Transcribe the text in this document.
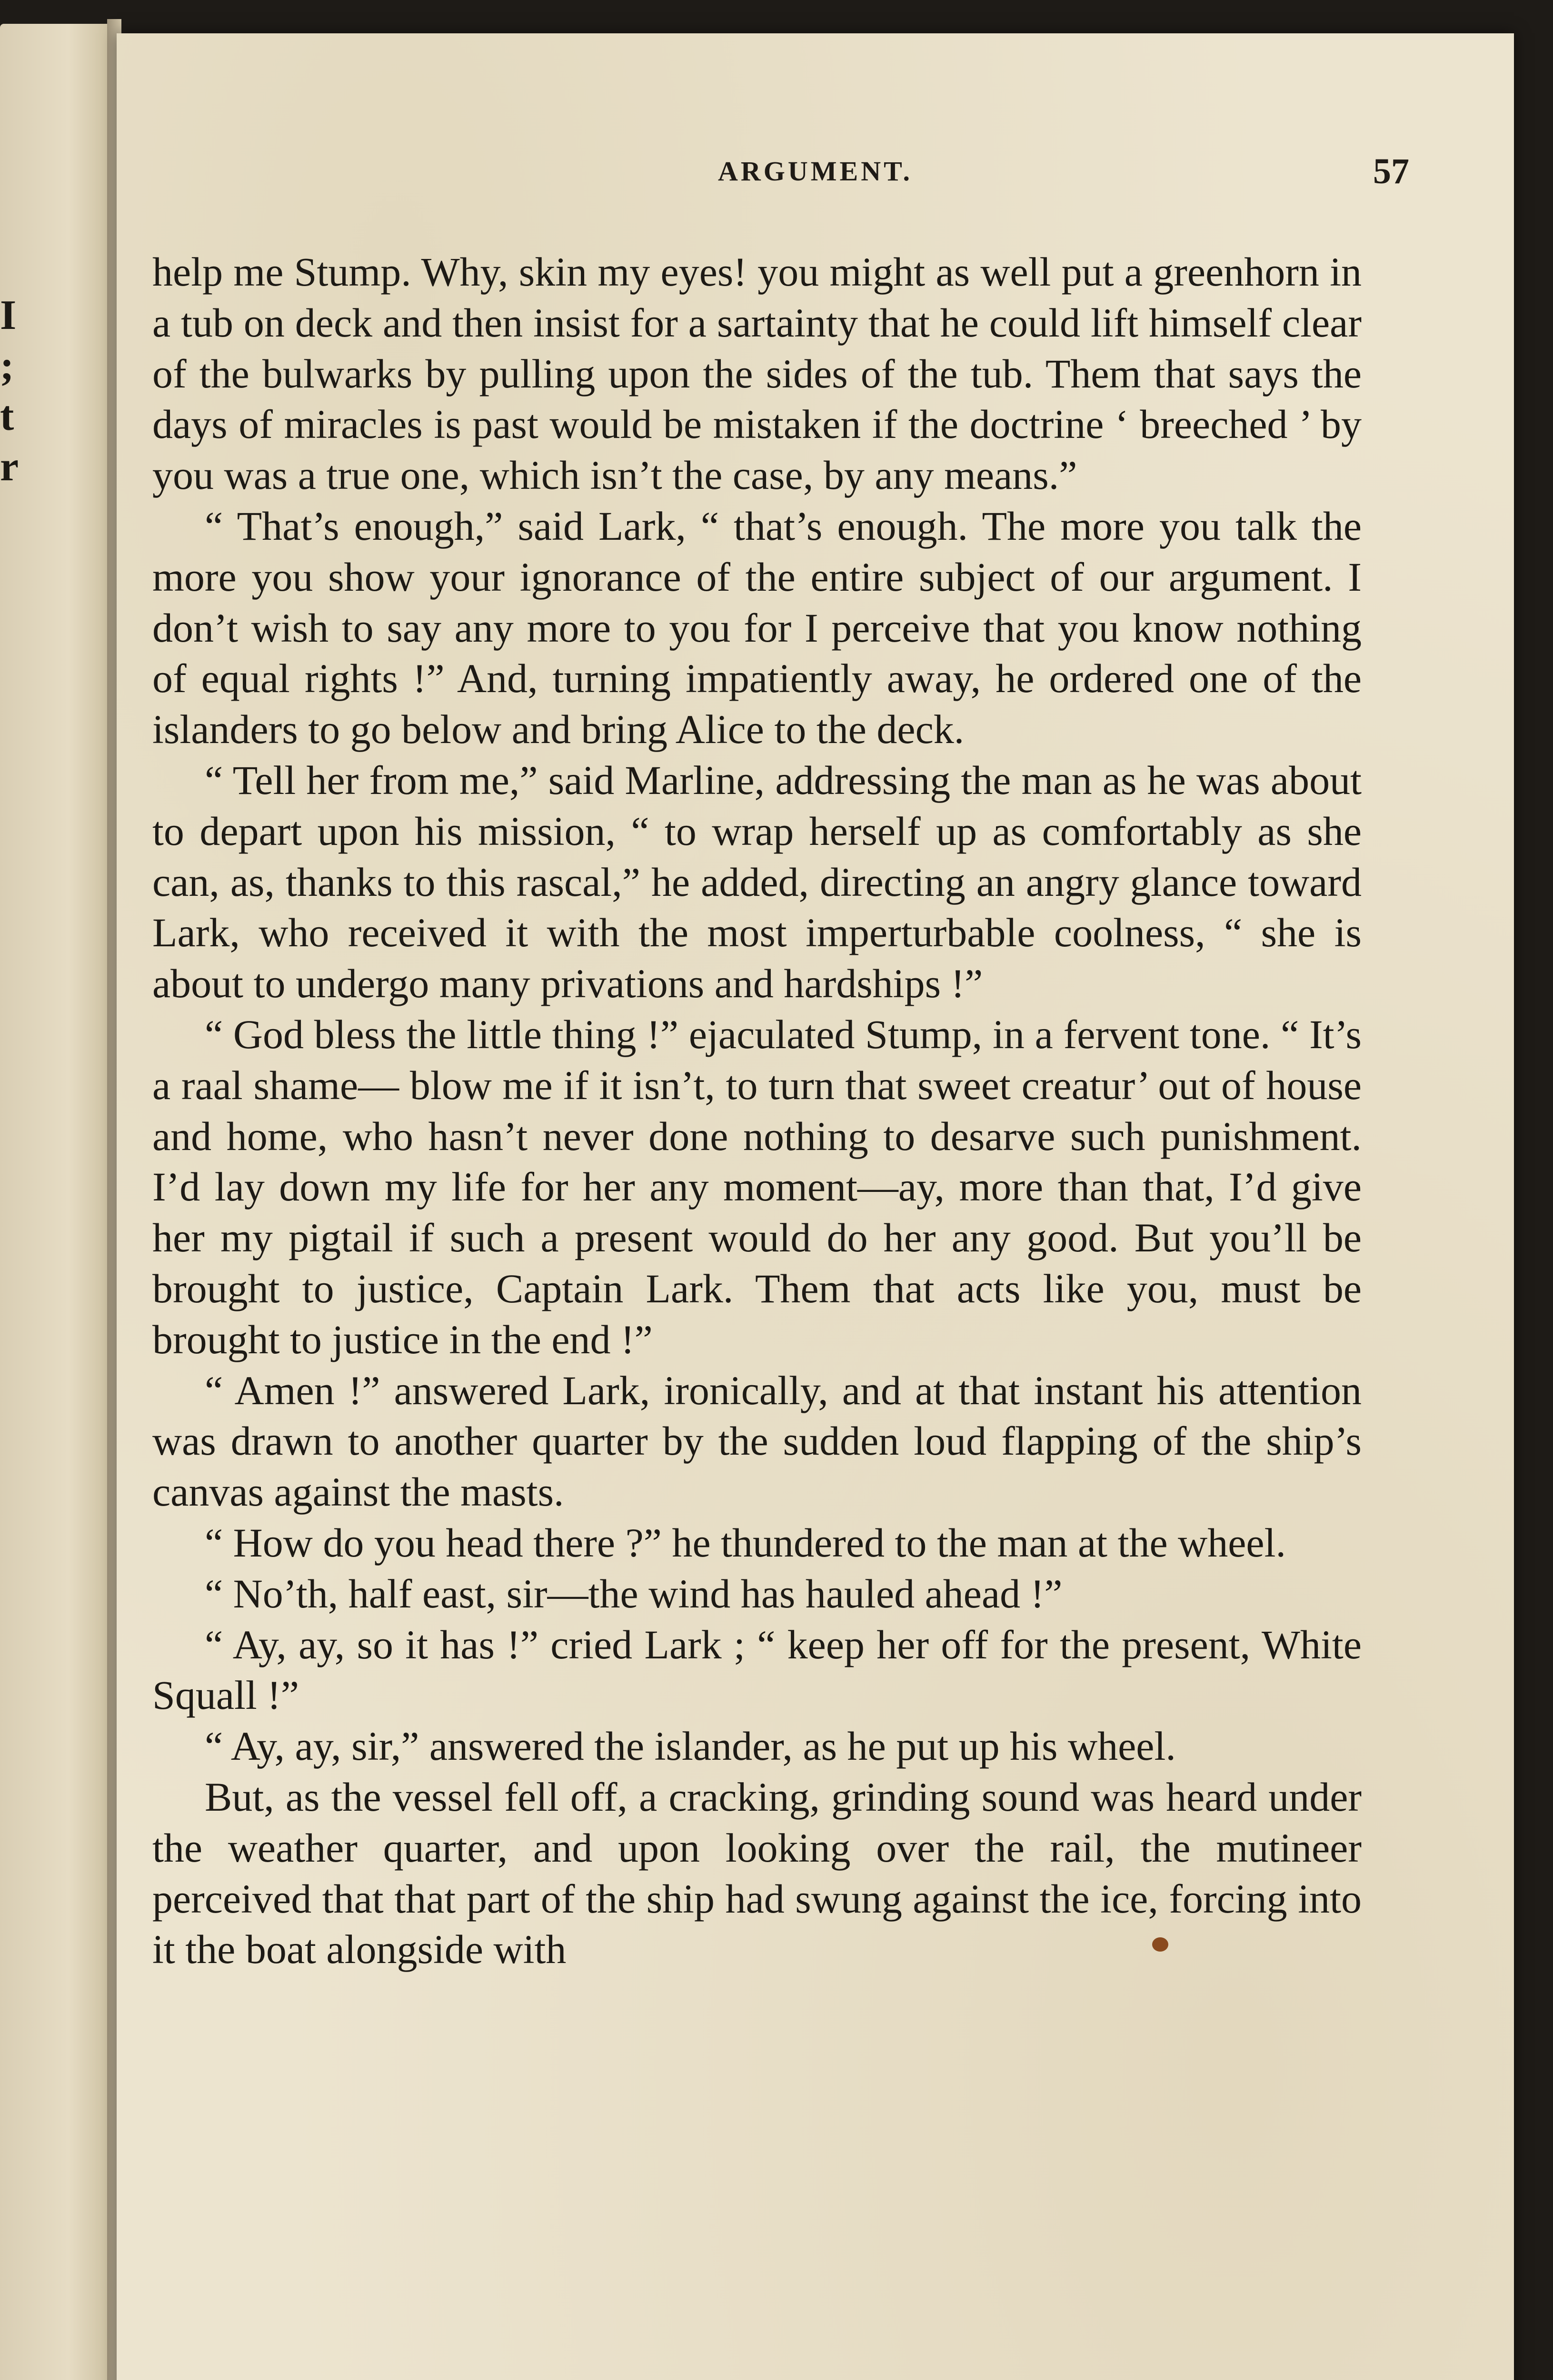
I
;
t
r
ARGUMENT.	57

help me Stump. Why, skin my eyes! you might as well put a greenhorn in a tub on deck and then insist for a sartainty that he could lift himself clear of the bulwarks by pulling upon the sides of the tub. Them that says the days of miracles is past would be mistaken if the doctrine ‘ breeched ’ by you was a true one, which isn’t the case, by any means.”

“ That’s enough,” said Lark, “ that’s enough. The more you talk the more you show your ignorance of the entire subject of our argument. I don’t wish to say any more to you for I perceive that you know nothing of equal rights !” And, turning impatiently away, he ordered one of the islanders to go below and bring Alice to the deck.

“ Tell her from me,” said Marline, addressing the man as he was about to depart upon his mission, “ to wrap herself up as comfortably as she can, as, thanks to this rascal,” he added, directing an angry glance toward Lark, who received it with the most imperturbable coolness, “ she is about to undergo many privations and hardships !”

“ God bless the little thing !” ejaculated Stump, in a fervent tone. “ It’s a raal shame— blow me if it isn’t, to turn that sweet creatur’ out of house and home, who hasn’t never done nothing to desarve such punishment. I’d lay down my life for her any moment—ay, more than that, I’d give her my pigtail if such a present would do her any good. But you’ll be brought to justice, Captain Lark. Them that acts like you, must be brought to justice in the end !”

“ Amen !” answered Lark, ironically, and at that instant his attention was drawn to another quarter by the sudden loud flapping of the ship’s canvas against the masts.

“ How do you head there ?” he thundered to the man at the wheel.

“ No’th, half east, sir—the wind has hauled ahead !”

“ Ay, ay, so it has !” cried Lark ; “ keep her off for the present, White Squall !”

“ Ay, ay, sir,” answered the islander, as he put up his wheel.

But, as the vessel fell off, a cracking, grinding sound was heard under the weather quarter, and upon looking over the rail, the mutineer perceived that that part of the ship had swung against the ice, forcing into it the boat alongside with
